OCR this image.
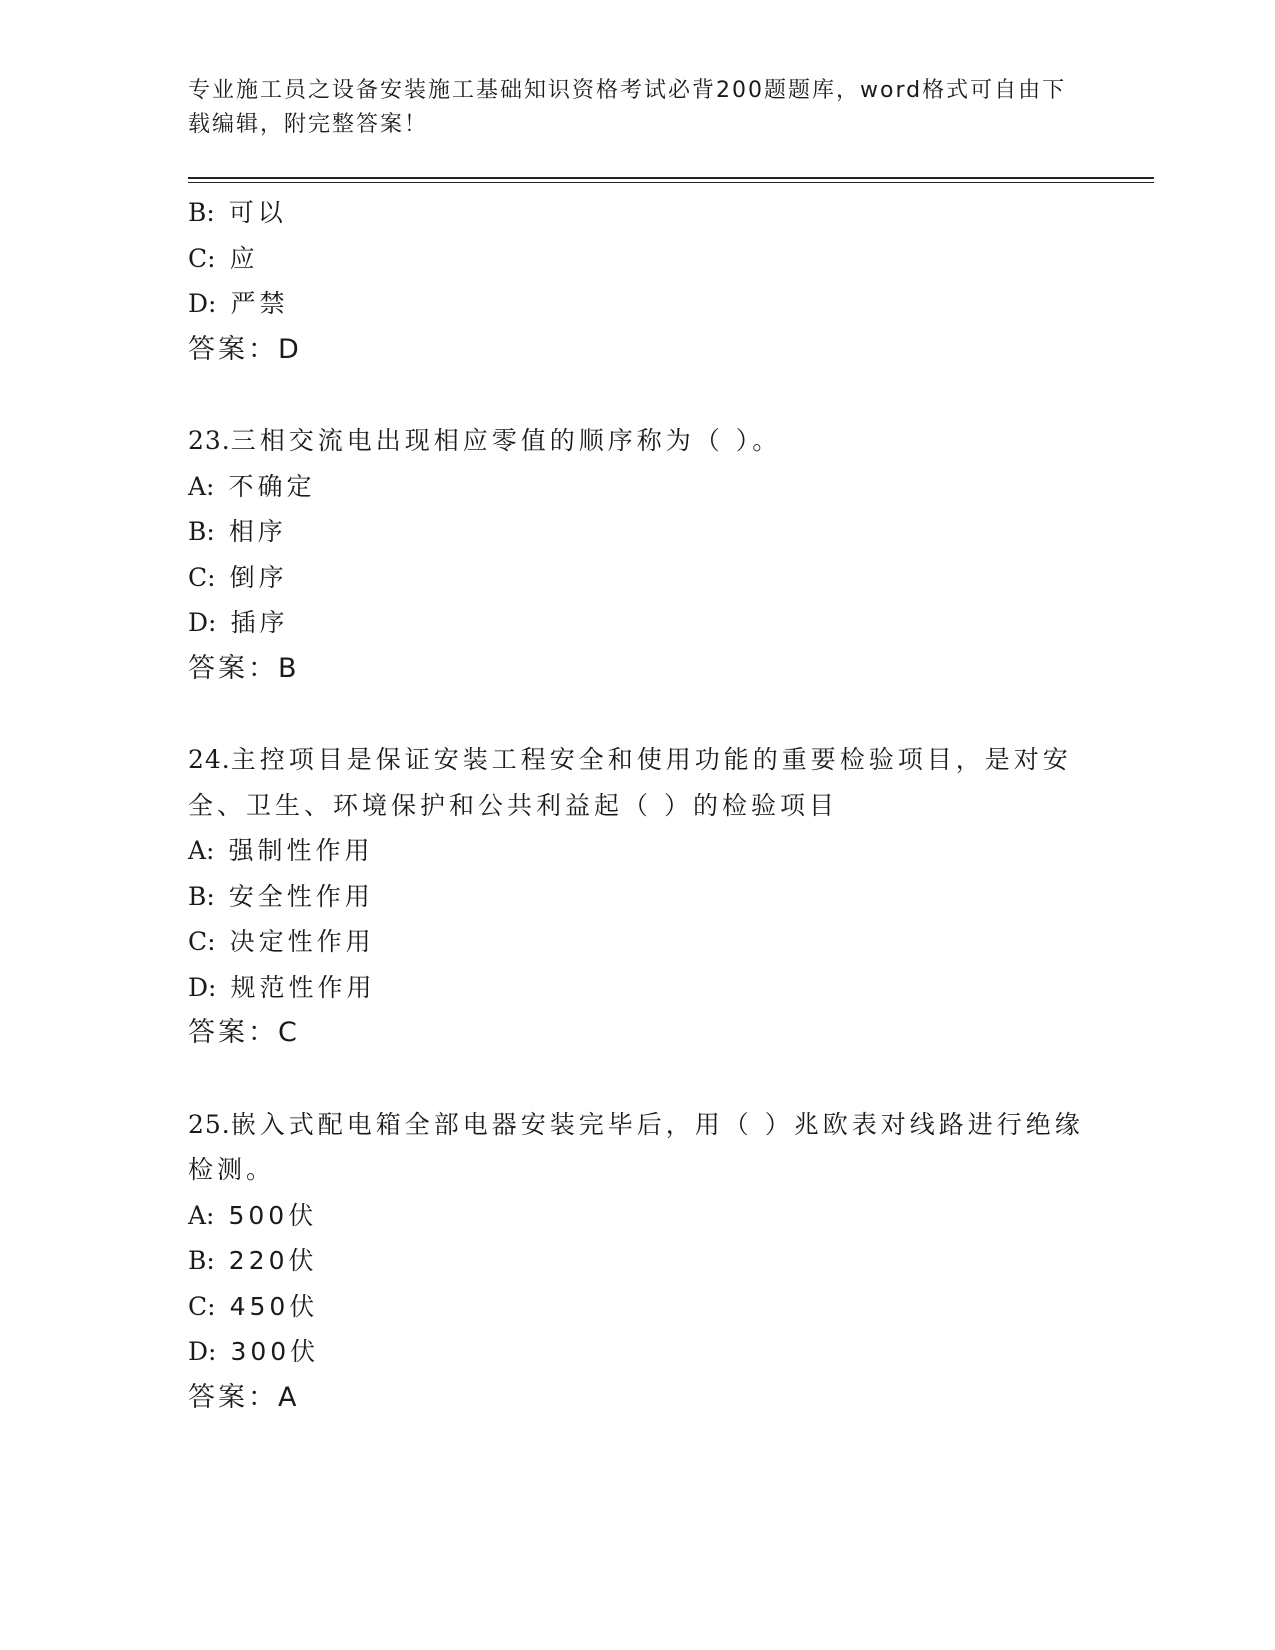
专业施工员之设备安装施工基础知识资格考试必背200题题库，word格式可自由下载编辑，附完整答案！
B: 可以
C: 应
D: 严禁
答案：D
23.三相交流电出现相应零值的顺序称为（ ）。
A: 不确定
B: 相序
C: 倒序
D: 插序
答案：B
24.主控项目是保证安装工程安全和使用功能的重要检验项目，是对安全、卫生、环境保护和公共利益起（ ）的检验项目
A: 强制性作用
B: 安全性作用
C: 决定性作用
D: 规范性作用
答案：C
25.嵌入式配电箱全部电器安装完毕后，用（ ）兆欧表对线路进行绝缘检测。
A: 500伏
B: 220伏
C: 450伏
D: 300伏
答案：A
